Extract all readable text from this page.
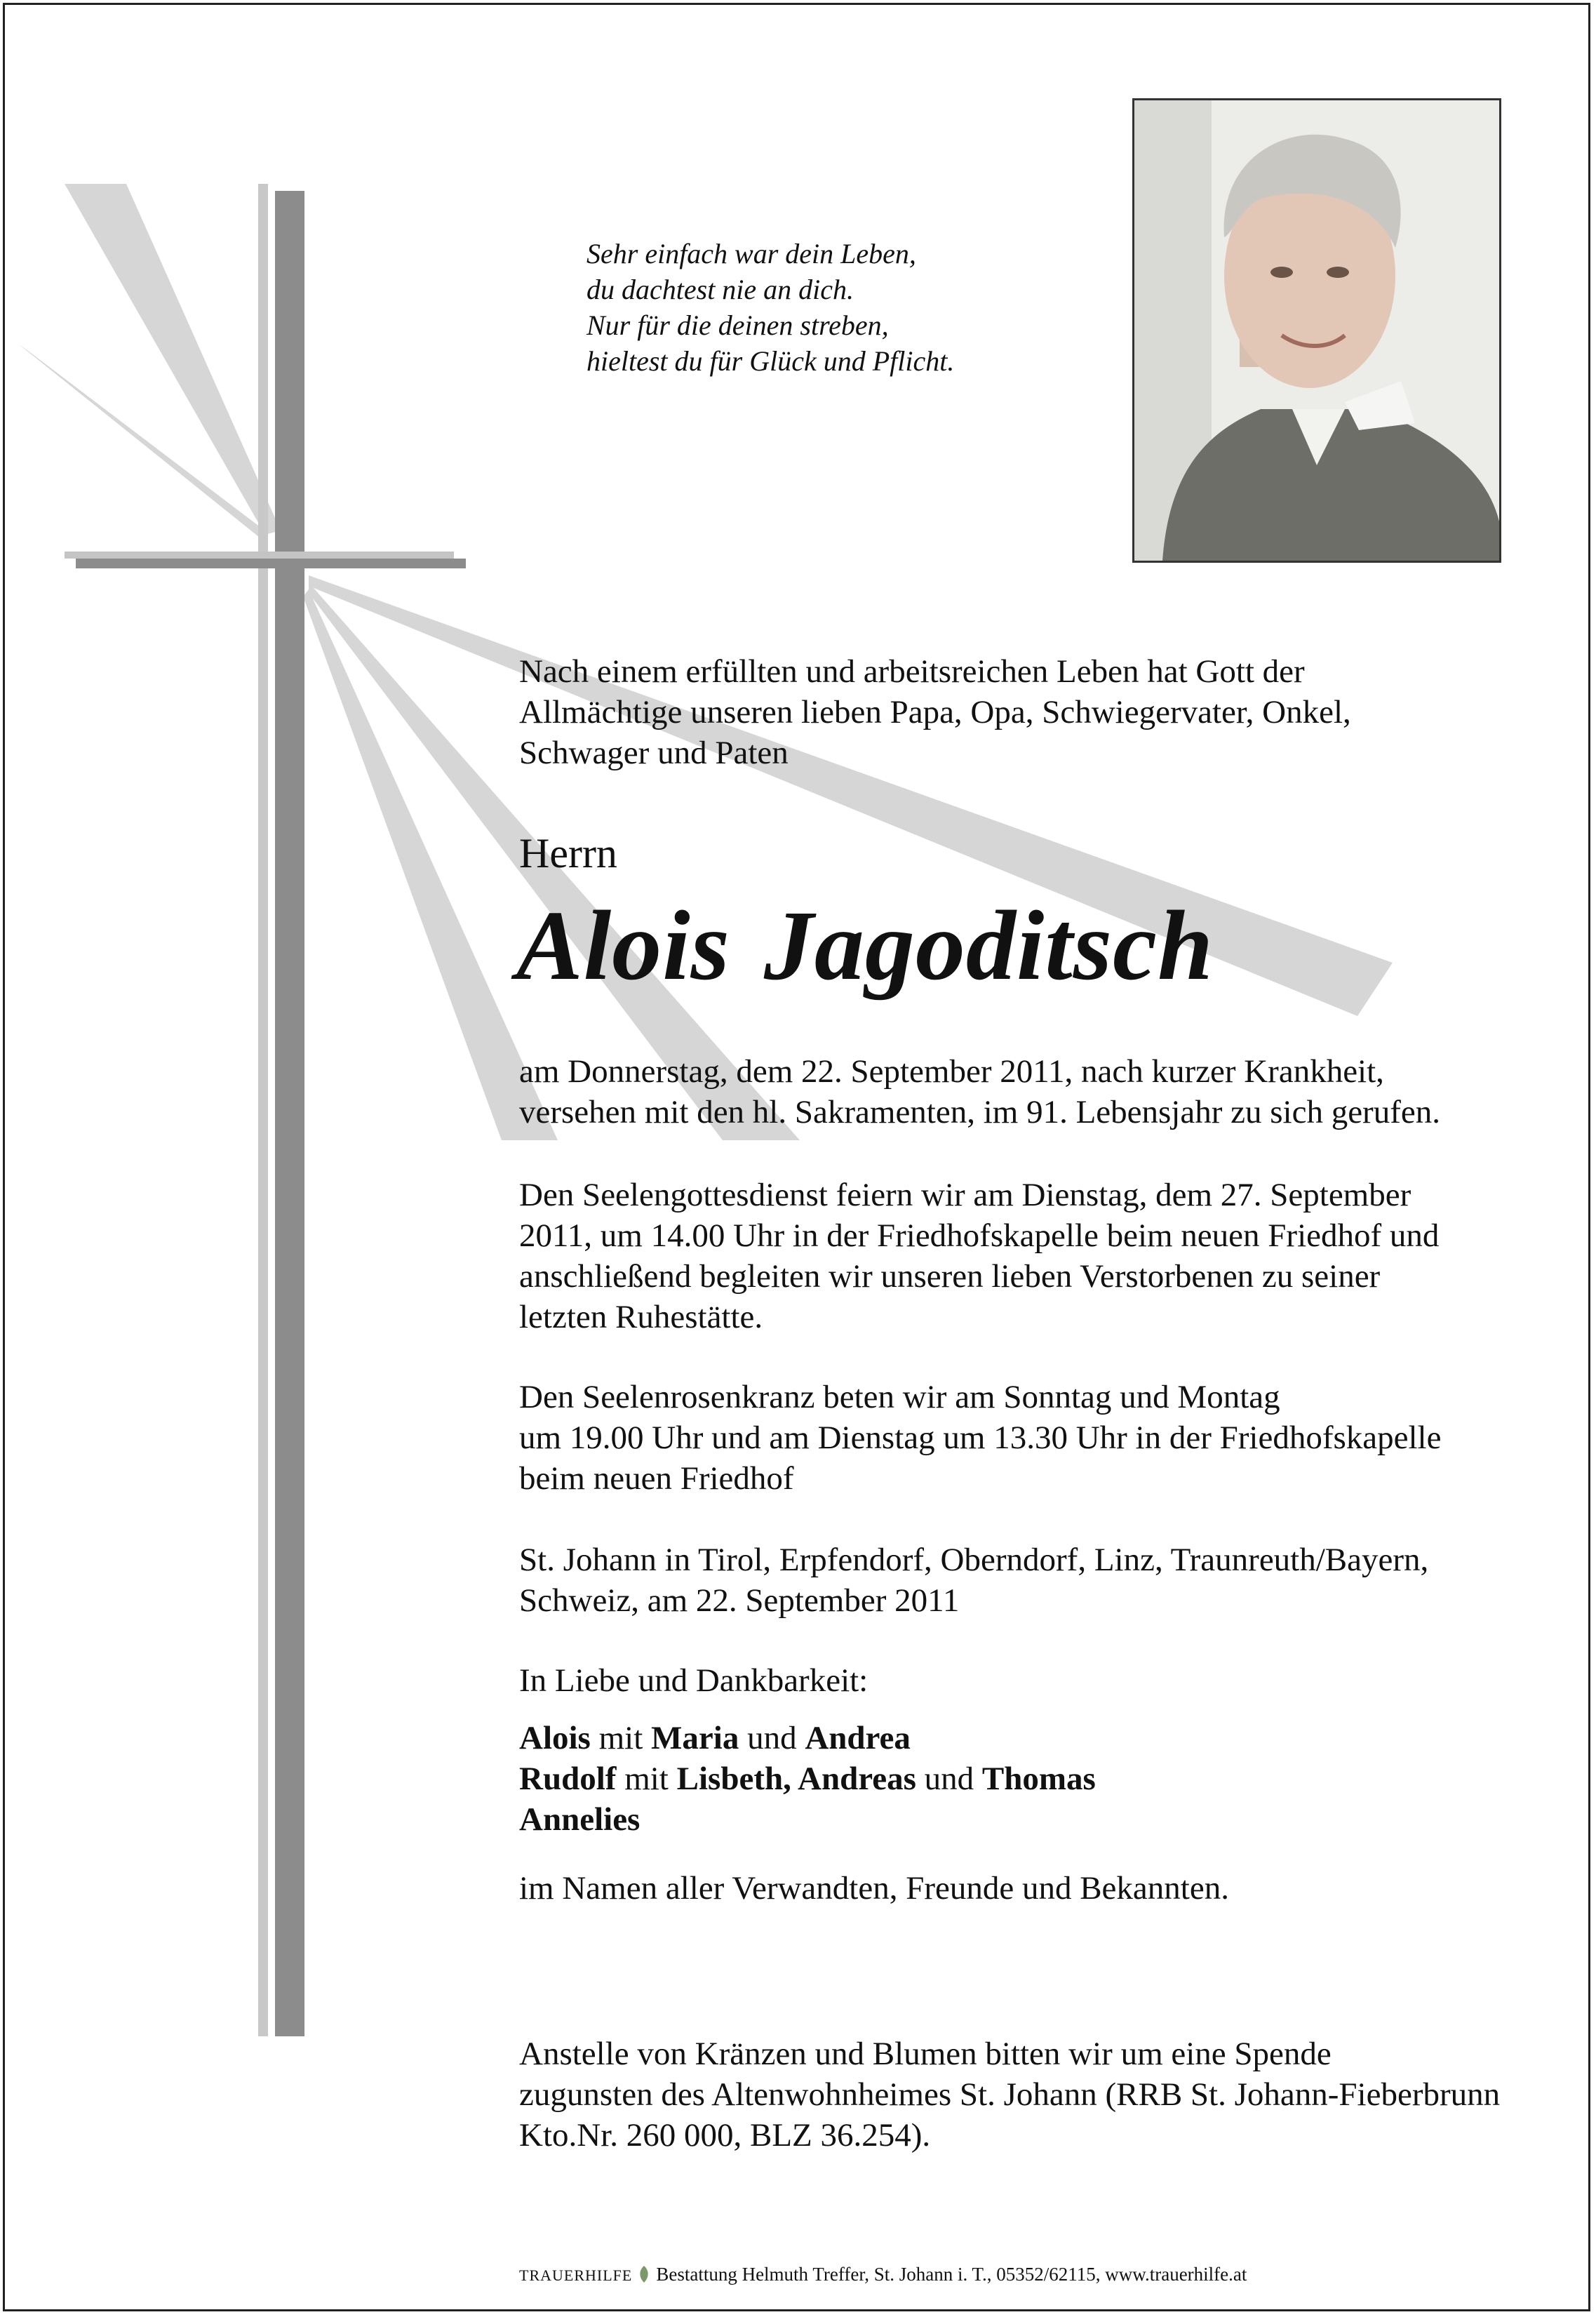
Sehr einfach war dein Leben,
du dachtest nie an dich.
Nur für die deinen streben,
hieltest du für Glück und Pflicht.
Nach einem erfüllten und arbeitsreichen Leben hat Gott der
Allmächtige unseren lieben Papa, Opa, Schwiegervater, Onkel,
Schwager und Paten
Herrn
Alois Jagoditsch
am Donnerstag, dem 22. September 2011, nach kurzer Krankheit,
versehen mit den hl. Sakramenten, im 91. Lebensjahr zu sich gerufen.
Den Seelengottesdienst feiern wir am Dienstag, dem 27. September
2011, um 14.00 Uhr in der Friedhofskapelle beim neuen Friedhof und
anschließend begleiten wir unseren lieben Verstorbenen zu seiner
letzten Ruhestätte.
Den Seelenrosenkranz beten wir am Sonntag und Montag
um 19.00 Uhr und am Dienstag um 13.30 Uhr in der Friedhofskapelle
beim neuen Friedhof
St. Johann in Tirol, Erpfendorf, Oberndorf, Linz, Traunreuth/Bayern,
Schweiz, am 22. September 2011
In Liebe und Dankbarkeit:
Alois mit Maria und Andrea
Rudolf mit Lisbeth, Andreas und Thomas
Annelies
im Namen aller Verwandten, Freunde und Bekannten.
Anstelle von Kränzen und Blumen bitten wir um eine Spende
zugunsten des Altenwohnheimes St. Johann (RRB St. Johann-Fieberbrunn
Kto.Nr. 260 000, BLZ 36.254).
TRAUERHILFE Bestattung Helmuth Treffer, St. Johann i. T., 05352/62115, www.trauerhilfe.at
